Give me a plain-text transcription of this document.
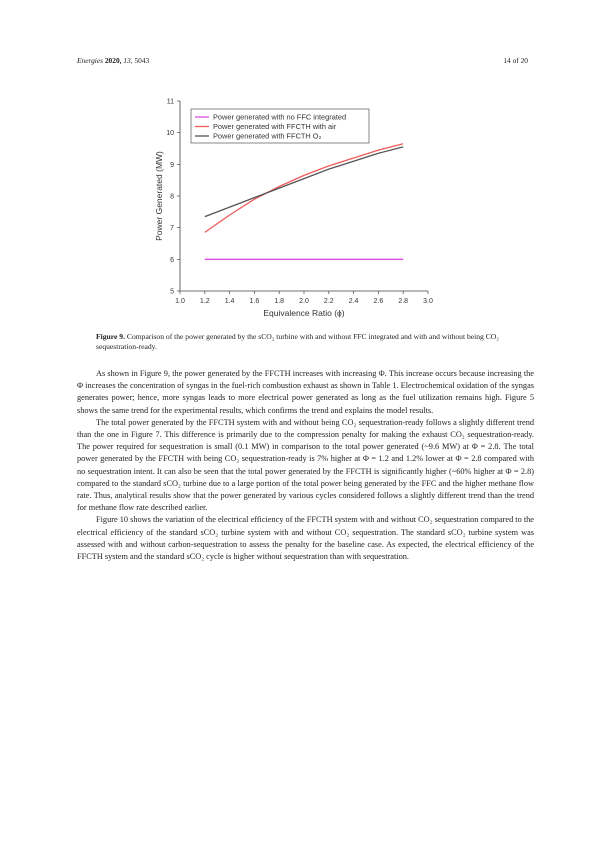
Energies 2020, 13, 5043	14 of 20
1.0 1.2 1.4 1.6 1.8 2.0 2.2 2.4 2.6 2.8 3.0
5
6
7
8
9
10
11
Equivalence Ratio (ϕ)
Power Generated (MW)
Power generated with no FFC integrated
Power generated with FFCTH with air
Power generated with FFCTH O₂
Figure 9. Comparison of the power generated by the sCO₂ turbine with and without FFC integrated and with and without being CO₂ sequestration-ready.

As shown in Figure 9, the power generated by the FFCTH increases with increasing Φ. This increase occurs because increasing the Φ increases the concentration of syngas in the fuel-rich combustion exhaust as shown in Table 1. Electrochemical oxidation of the syngas generates power; hence, more syngas leads to more electrical power generated as long as the fuel utilization remains high. Figure 5 shows the same trend for the experimental results, which confirms the trend and explains the model results.

The total power generated by the FFCTH system with and without being CO₂ sequestration-ready follows a slightly different trend than the one in Figure 7. This difference is primarily due to the compression penalty for making the exhaust CO₂ sequestration-ready. The power required for sequestration is small (0.1 MW) in comparison to the total power generated (~9.6 MW) at Φ = 2.8. The total power generated by the FFCTH with being CO₂ sequestration-ready is 7% higher at Φ = 1.2 and 1.2% lower at Φ = 2.8 compared with no sequestration intent. It can also be seen that the total power generated by the FFCTH is significantly higher (~60% higher at Φ = 2.8) compared to the standard sCO₂ turbine due to a large portion of the total power being generated by the FFC and the higher methane flow rate. Thus, analytical results show that the power generated by various cycles considered follows a slightly different trend than the trend for methane flow rate described earlier.

Figure 10 shows the variation of the electrical efficiency of the FFCTH system with and without CO₂ sequestration compared to the electrical efficiency of the standard sCO₂ turbine system with and without CO₂ sequestration. The standard sCO₂ turbine system was assessed with and without carbon-sequestration to assess the penalty for the baseline case. As expected, the electrical efficiency of the FFCTH system and the standard sCO₂ cycle is higher without sequestration than with sequestration.
